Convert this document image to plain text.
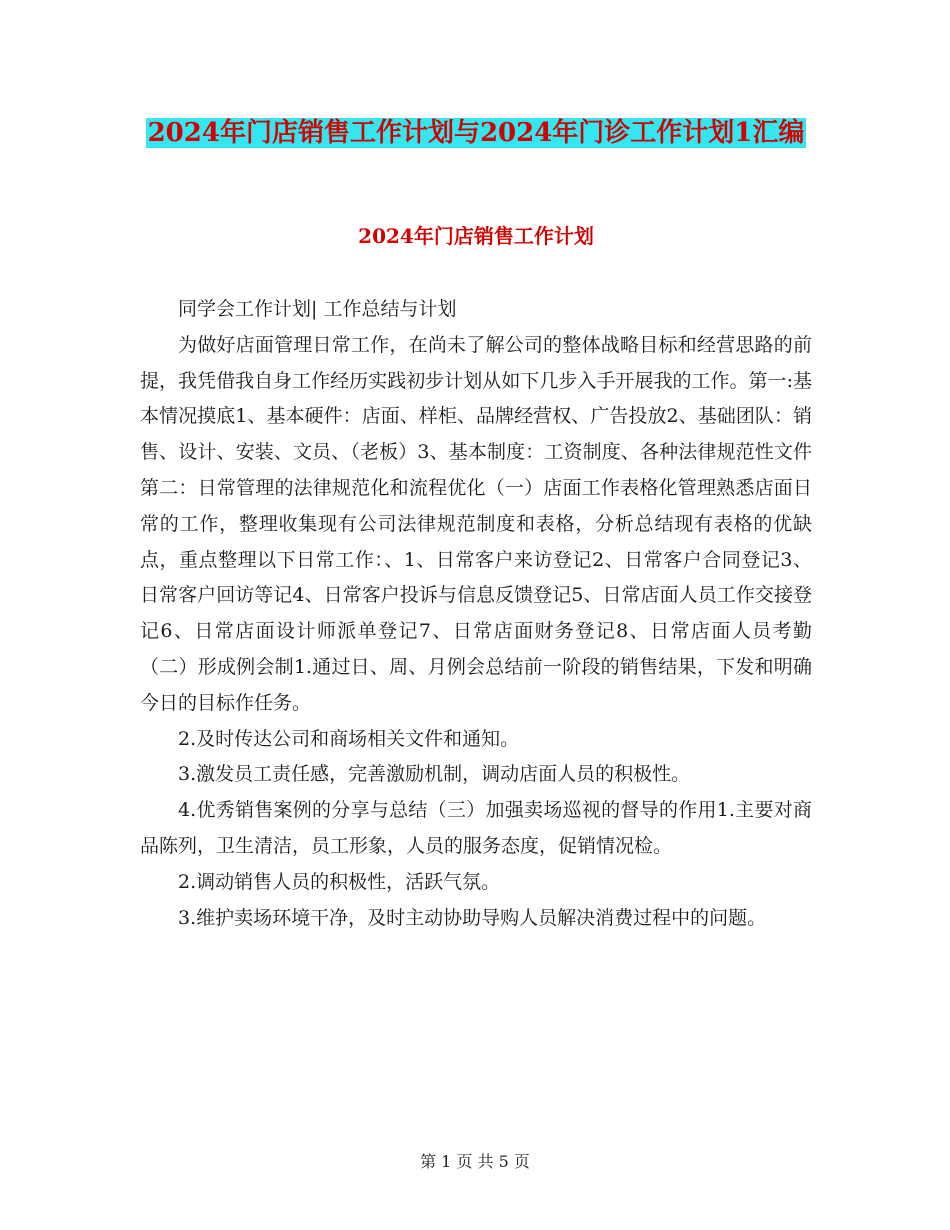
2024年门店销售工作计划与2024年门诊工作计划1汇编
2024年门店销售工作计划

同学会工作计划| 工作总结与计划

为做好店面管理日常工作，在尚未了解公司的整体战略目标和经营思路的前提，我凭借我自身工作经历实践初步计划从如下几步入手开展我的工作。第一:基本情况摸底1、基本硬件：店面、样柜、品牌经营权、广告投放2、基础团队：销售、设计、安装、文员、（老板）3、基本制度：工资制度、各种法律规范性文件第二：日常管理的法律规范化和流程优化（一）店面工作表格化管理熟悉店面日常的工作，整理收集现有公司法律规范制度和表格，分析总结现有表格的优缺点，重点整理以下日常工作：、1、日常客户来访登记2、日常客户合同登记3、日常客户回访等记4、日常客户投诉与信息反馈登记5、日常店面人员工作交接登记6、日常店面设计师派单登记7、日常店面财务登记8、日常店面人员考勤（二）形成例会制1.通过日、周、月例会总结前一阶段的销售结果，下发和明确今日的目标作任务。

2.及时传达公司和商场相关文件和通知。

3.激发员工责任感，完善激励机制，调动店面人员的积极性。

4.优秀销售案例的分享与总结（三）加强卖场巡视的督导的作用1.主要对商品陈列，卫生清洁，员工形象，人员的服务态度，促销情况检。

2.调动销售人员的积极性，活跃气氛。

3.维护卖场环境干净，及时主动协助导购人员解决消费过程中的问题。

第 1 页 共 5 页
